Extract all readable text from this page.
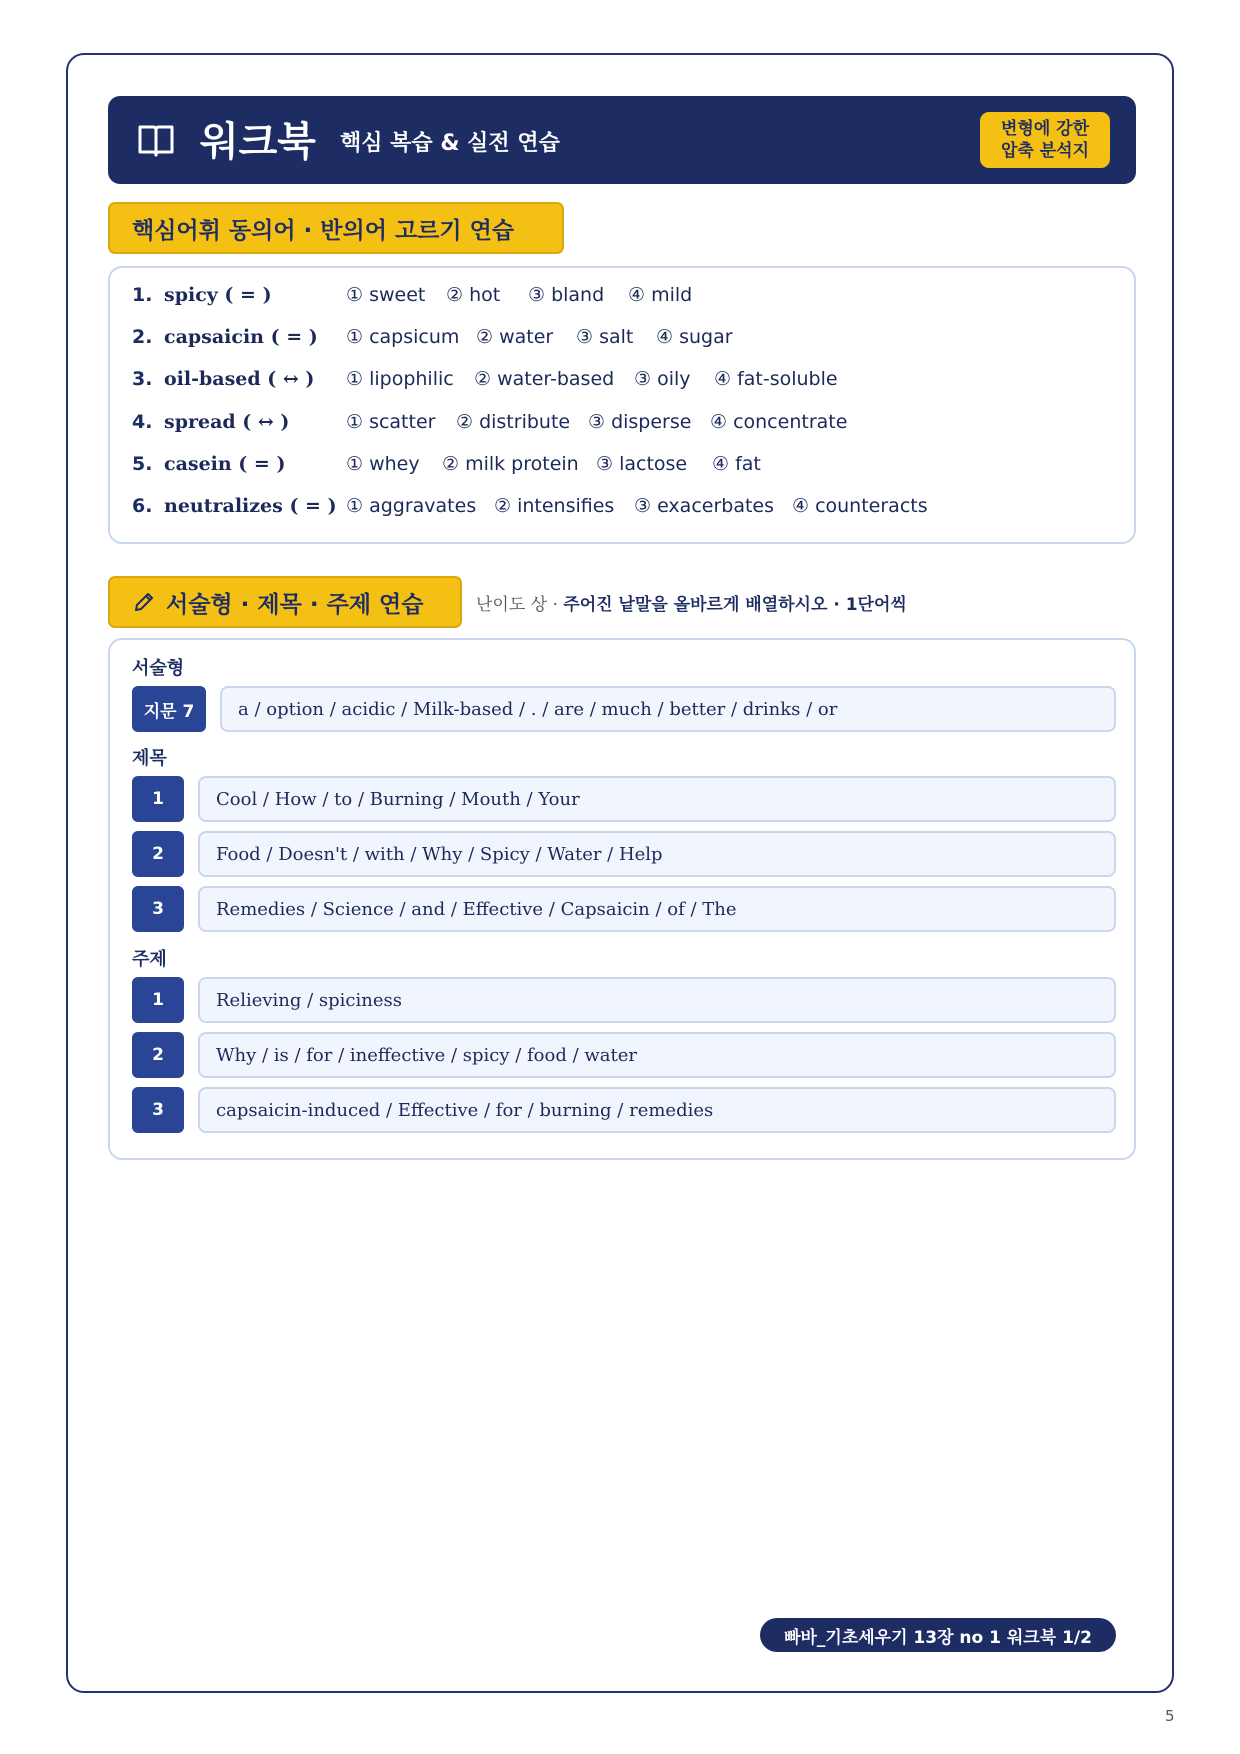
워크북 핵심 복습 & 실전 연습
변형에 강한
압축 분석지
핵심어휘 동의어 · 반의어 고르기 연습
1. spicy ( = )	① sweet ② hot ③ bland ④ mild
2. capsaicin ( = ) ① capsicum ② water ③ salt ④ sugar
3. oil-based ( ↔ ) ① lipophilic ② water-based ③ oily ④ fat-soluble
4. spread ( ↔ )	① scatter ② distribute ③ disperse ④ concentrate
5. casein ( = )	① whey ② milk protein ③ lactose ④ fat
6. neutralizes ( = ) ① aggravates ② intensifies ③ exacerbates ④ counteracts
서술형 · 제목 · 주제 연습	난이도 상 · 주어진 낱말을 올바르게 배열하시오 · 1단어씩
서술형
지문 7	a / option / acidic / Milk-based / . / are / much / better / drinks / or
제목
1	Cool / How / to / Burning / Mouth / Your
2	Food / Doesn't / with / Why / Spicy / Water / Help
3	Remedies / Science / and / Effective / Capsaicin / of / The
주제
1	Relieving / spiciness
2	Why / is / for / ineffective / spicy / food / water
3	capsaicin-induced / Effective / for / burning / remedies
빠바_기초세우기 13장 no 1 워크북 1/2
5
